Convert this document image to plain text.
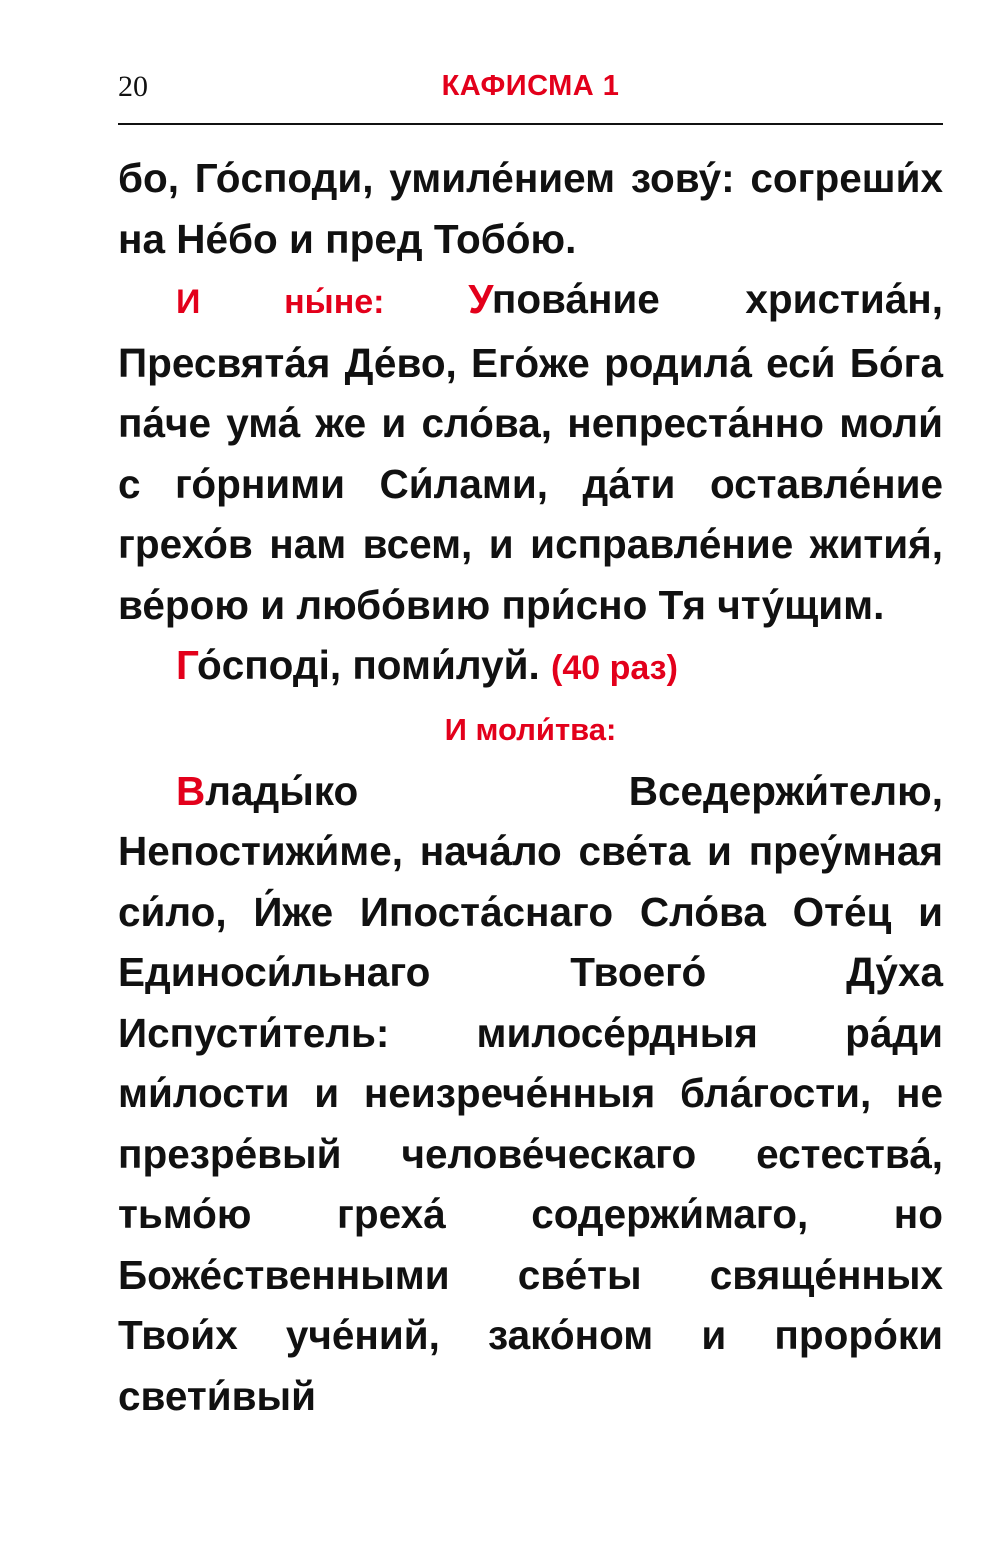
20	КАФИСМА 1

бо, Го́споди, умиле́нием зову́: согреши́х на Не́бо и пред Тобо́ю.

И ны́не: Упова́ние христиа́н, Пресвята́я Де́во, Его́же родила́ еси́ Бо́га па́че ума́ же и сло́ва, непреста́нно моли́ с го́рними Си́лами, да́ти оставле́ние грехо́в нам всем, и исправле́ние жития́, ве́рою и любо́вию при́сно Тя чту́щим.

Го́сподi, поми́луй. (40 раз)

И моли́тва:

Влады́ко Вседержи́телю, Непостижи́ме, нача́ло све́та и преу́мная си́ло, И́же Ипоста́снаго Сло́ва Оте́ц и Единоси́льнаго Твоего́ Ду́ха Испусти́тель: милосе́рдныя ра́ди ми́лости и неизрече́нныя бла́гости, не презре́вый челове́ческаго естества́, тьмо́ю греха́ содержи́маго, но Боже́ственными све́ты свяще́нных Твои́х уче́ний, зако́ном и проро́ки свети́вый
